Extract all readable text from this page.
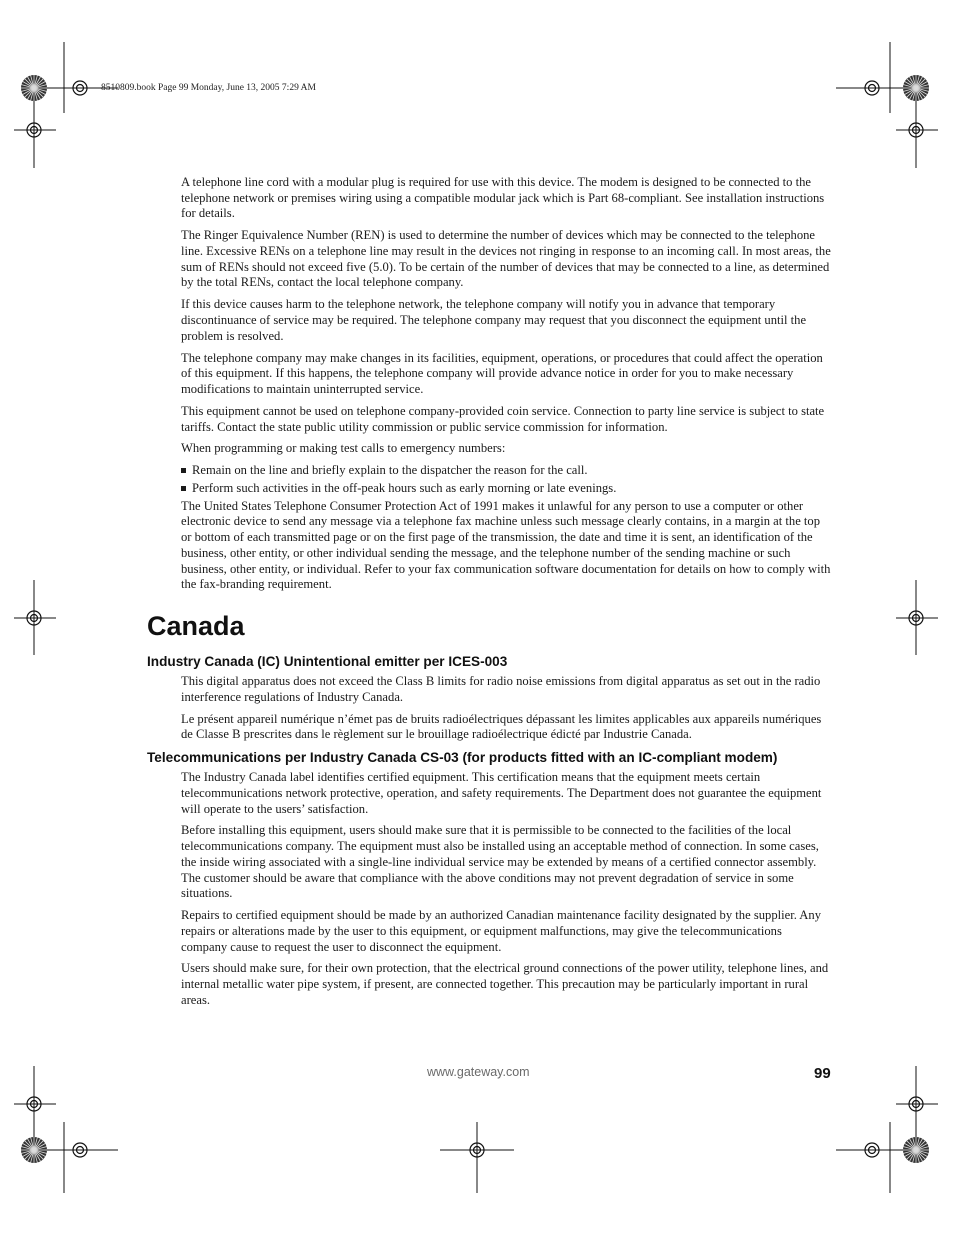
8510809.book Page 99 Monday, June 13, 2005 7:29 AM

A telephone line cord with a modular plug is required for use with this device. The modem is designed to be connected to the telephone network or premises wiring using a compatible modular jack which is Part 68-compliant. See installation instructions for details.

The Ringer Equivalence Number (REN) is used to determine the number of devices which may be connected to the telephone line. Excessive RENs on a telephone line may result in the devices not ringing in response to an incoming call. In most areas, the sum of RENs should not exceed five (5.0). To be certain of the number of devices that may be connected to a line, as determined by the total RENs, contact the local telephone company.

If this device causes harm to the telephone network, the telephone company will notify you in advance that temporary discontinuance of service may be required. The telephone company may request that you disconnect the equipment until the problem is resolved.

The telephone company may make changes in its facilities, equipment, operations, or procedures that could affect the operation of this equipment. If this happens, the telephone company will provide advance notice in order for you to make necessary modifications to maintain uninterrupted service.

This equipment cannot be used on telephone company-provided coin service. Connection to party line service is subject to state tariffs. Contact the state public utility commission or public service commission for information.

When programming or making test calls to emergency numbers:

Remain on the line and briefly explain to the dispatcher the reason for the call.
Perform such activities in the off-peak hours such as early morning or late evenings.

The United States Telephone Consumer Protection Act of 1991 makes it unlawful for any person to use a computer or other electronic device to send any message via a telephone fax machine unless such message clearly contains, in a margin at the top or bottom of each transmitted page or on the first page of the transmission, the date and time it is sent, an identification of the business, other entity, or other individual sending the message, and the telephone number of the sending machine or such business, other entity, or individual. Refer to your fax communication software documentation for details on how to comply with the fax-branding requirement.

Canada
Industry Canada (IC) Unintentional emitter per ICES-003

This digital apparatus does not exceed the Class B limits for radio noise emissions from digital apparatus as set out in the radio interference regulations of Industry Canada.

Le présent appareil numérique n’émet pas de bruits radioélectriques dépassant les limites applicables aux appareils numériques de Classe B prescrites dans le règlement sur le brouillage radioélectrique édicté par Industrie Canada.

Telecommunications per Industry Canada CS-03 (for products fitted with an IC-compliant modem)

The Industry Canada label identifies certified equipment. This certification means that the equipment meets certain telecommunications network protective, operation, and safety requirements. The Department does not guarantee the equipment will operate to the users’ satisfaction.

Before installing this equipment, users should make sure that it is permissible to be connected to the facilities of the local telecommunications company. The equipment must also be installed using an acceptable method of connection. In some cases, the inside wiring associated with a single-line individual service may be extended by means of a certified connector assembly. The customer should be aware that compliance with the above conditions may not prevent degradation of service in some situations.

Repairs to certified equipment should be made by an authorized Canadian maintenance facility designated by the supplier. Any repairs or alterations made by the user to this equipment, or equipment malfunctions, may give the telecommunications company cause to request the user to disconnect the equipment.

Users should make sure, for their own protection, that the electrical ground connections of the power utility, telephone lines, and internal metallic water pipe system, if present, are connected together. This precaution may be particularly important in rural areas.

www.gateway.com	99
